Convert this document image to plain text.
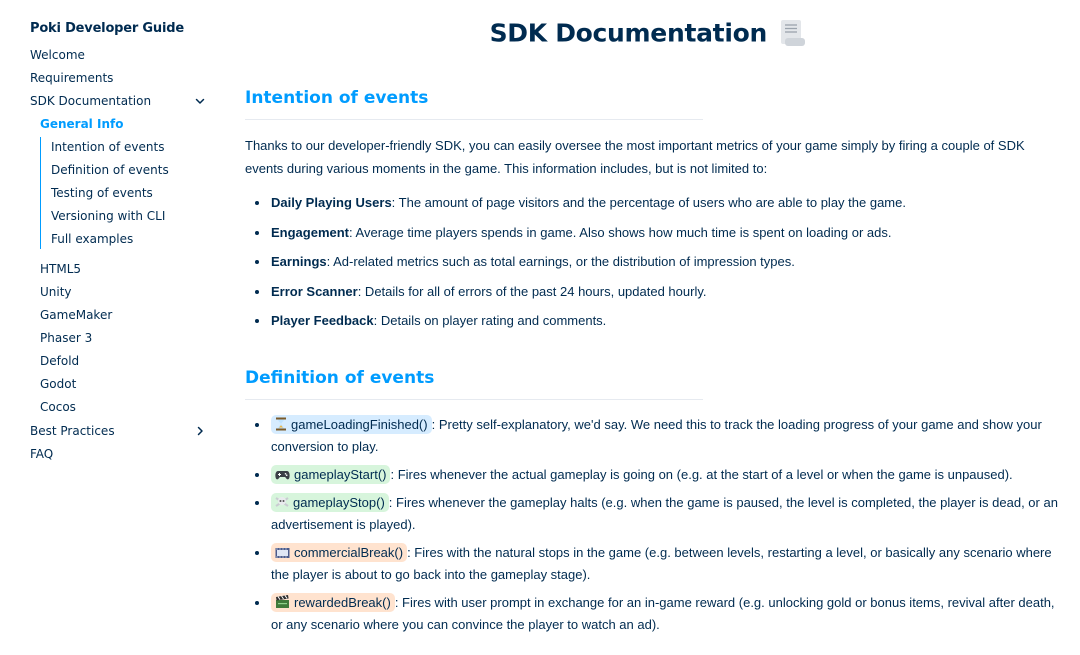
Poki Developer Guide
Welcome
Requirements
SDK Documentation
General Info
Intention of events
Definition of events
Testing of events
Versioning with CLI
Full examples
HTML5
Unity
GameMaker
Phaser 3
Defold
Godot
Cocos
Best Practices
FAQ
SDK Documentation
Intention of events
Thanks to our developer-friendly SDK, you can easily oversee the most important metrics of your game simply by firing a couple of SDK events during various moments in the game. This information includes, but is not limited to:
Daily Playing Users: The amount of page visitors and the percentage of users who are able to play the game.
Engagement: Average time players spends in game. Also shows how much time is spent on loading or ads.
Earnings: Ad-related metrics such as total earnings, or the distribution of impression types.
Error Scanner: Details for all of errors of the past 24 hours, updated hourly.
Player Feedback: Details on player rating and comments.
Definition of events
gameLoadingFinished() : Pretty self-explanatory, we'd say. We need this to track the loading progress of your game and show your conversion to play.
gameplayStart() : Fires whenever the actual gameplay is going on (e.g. at the start of a level or when the game is unpaused).
gameplayStop() : Fires whenever the gameplay halts (e.g. when the game is paused, the level is completed, the player is dead, or an advertisement is played).
commercialBreak() : Fires with the natural stops in the game (e.g. between levels, restarting a level, or basically any scenario where the player is about to go back into the gameplay stage).
rewardedBreak() : Fires with user prompt in exchange for an in-game reward (e.g. unlocking gold or bonus items, revival after death, or any scenario where you can convince the player to watch an ad).
